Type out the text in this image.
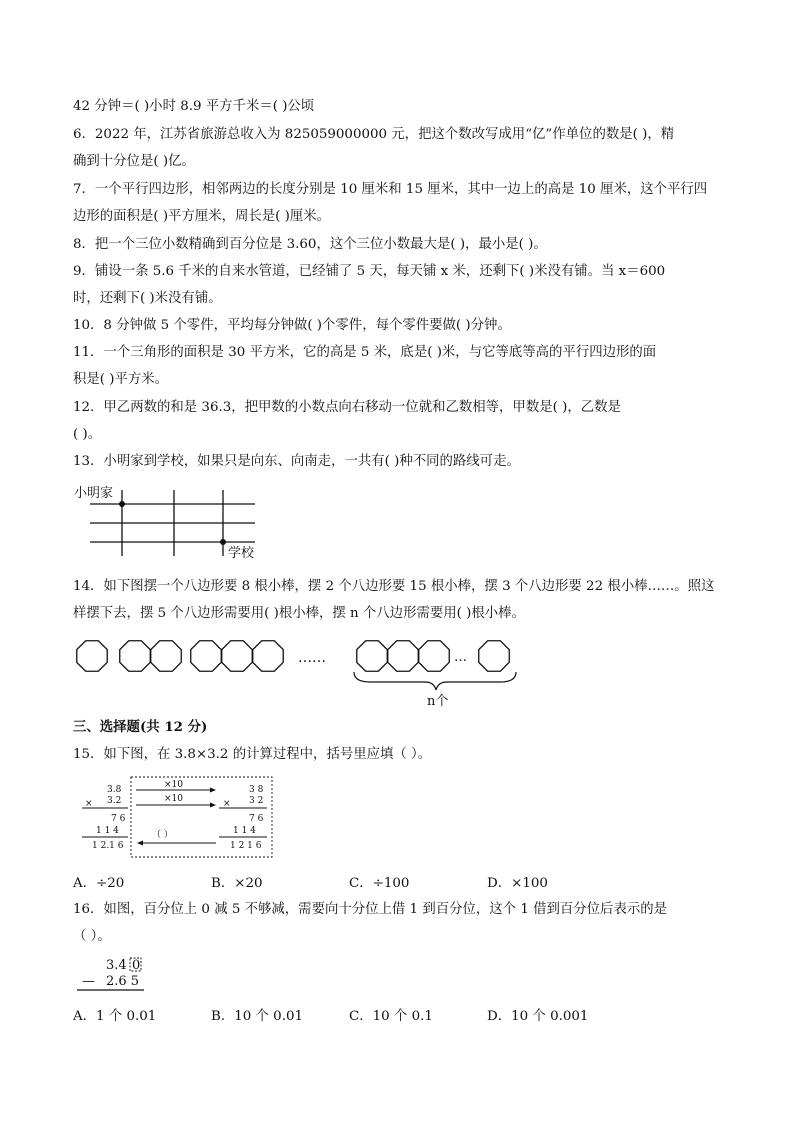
42 分钟＝( )小时 8.9 平方千米＝( )公顷
6．2022 年，江苏省旅游总收入为 825059000000 元，把这个数改写成用“亿”作单位的数是( )，精
确到十分位是( )亿。
7．一个平行四边形，相邻两边的长度分别是 10 厘米和 15 厘米，其中一边上的高是 10 厘米，这个平行四
边形的面积是( )平方厘米，周长是( )厘米。
8．把一个三位小数精确到百分位是 3.60，这个三位小数最大是( )，最小是( )。
9．铺设一条 5.6 千米的自来水管道，已经铺了 5 天，每天铺 x 米，还剩下( )米没有铺。当 x＝600
时，还剩下( )米没有铺。
10．8 分钟做 5 个零件，平均每分钟做( )个零件，每个零件要做( )分钟。
11．一个三角形的面积是 30 平方米，它的高是 5 米，底是( )米，与它等底等高的平行四边形的面
积是( )平方米。
12．甲乙两数的和是 36.3，把甲数的小数点向右移动一位就和乙数相等，甲数是( )，乙数是
( )。
13．小明家到学校，如果只是向东、向南走，一共有( )种不同的路线可走。
小明家
学校
14．如下图摆一个八边形要 8 根小棒，摆 2 个八边形要 15 根小棒，摆 3 个八边形要 22 根小棒……。照这
样摆下去，摆 5 个八边形需要用( )根小棒，摆 n 个八边形需要用( )根小棒。
……	…
n个
三、选择题(共 12 分)
15．如下图，在 3.8×3.2 的计算过程中，括号里应填（ ）。
3.8
× 3.2
7 6
1 1 4
1 2.1 6
×10
×10
（ ）
3 8
× 3 2
7 6
1 1 4
1 2 1 6
A．÷20	B．×20	C．÷100	D．×100
16．如图，百分位上 0 减 5 不够减，需要向十分位上借 1 到百分位，这个 1 借到百分位后表示的是
（ ）。
3.4 0
— 2.6 5
A．1 个 0.01	B．10 个 0.01	C．10 个 0.1	D．10 个 0.001
